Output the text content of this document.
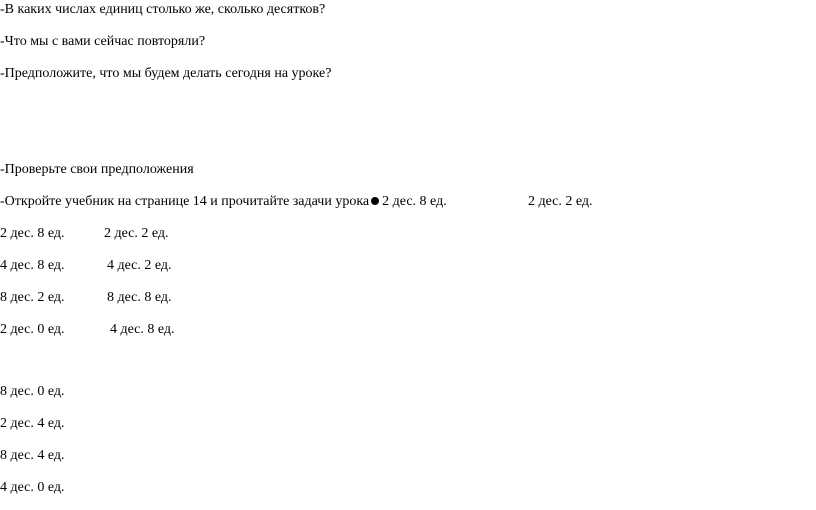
-В каких числах единиц столько же, сколько десятков?
-Что мы с вами сейчас повторяли?
-Предположите, что мы будем делать сегодня на уроке?
-Проверьте свои предположения
-Откройте учебник на странице 14 и прочитайте задачи урока 2 дес. 8 ед.	2 дес. 2 ед.
2 дес. 8 ед.	2 дес. 2 ед.
4 дес. 8 ед.	4 дес. 2 ед.
8 дес. 2 ед.	8 дес. 8 ед.
2 дес. 0 ед.	4 дес. 8 ед.
8 дес. 0 ед.
2 дес. 4 ед.
8 дес. 4 ед.
4 дес. 0 ед.
